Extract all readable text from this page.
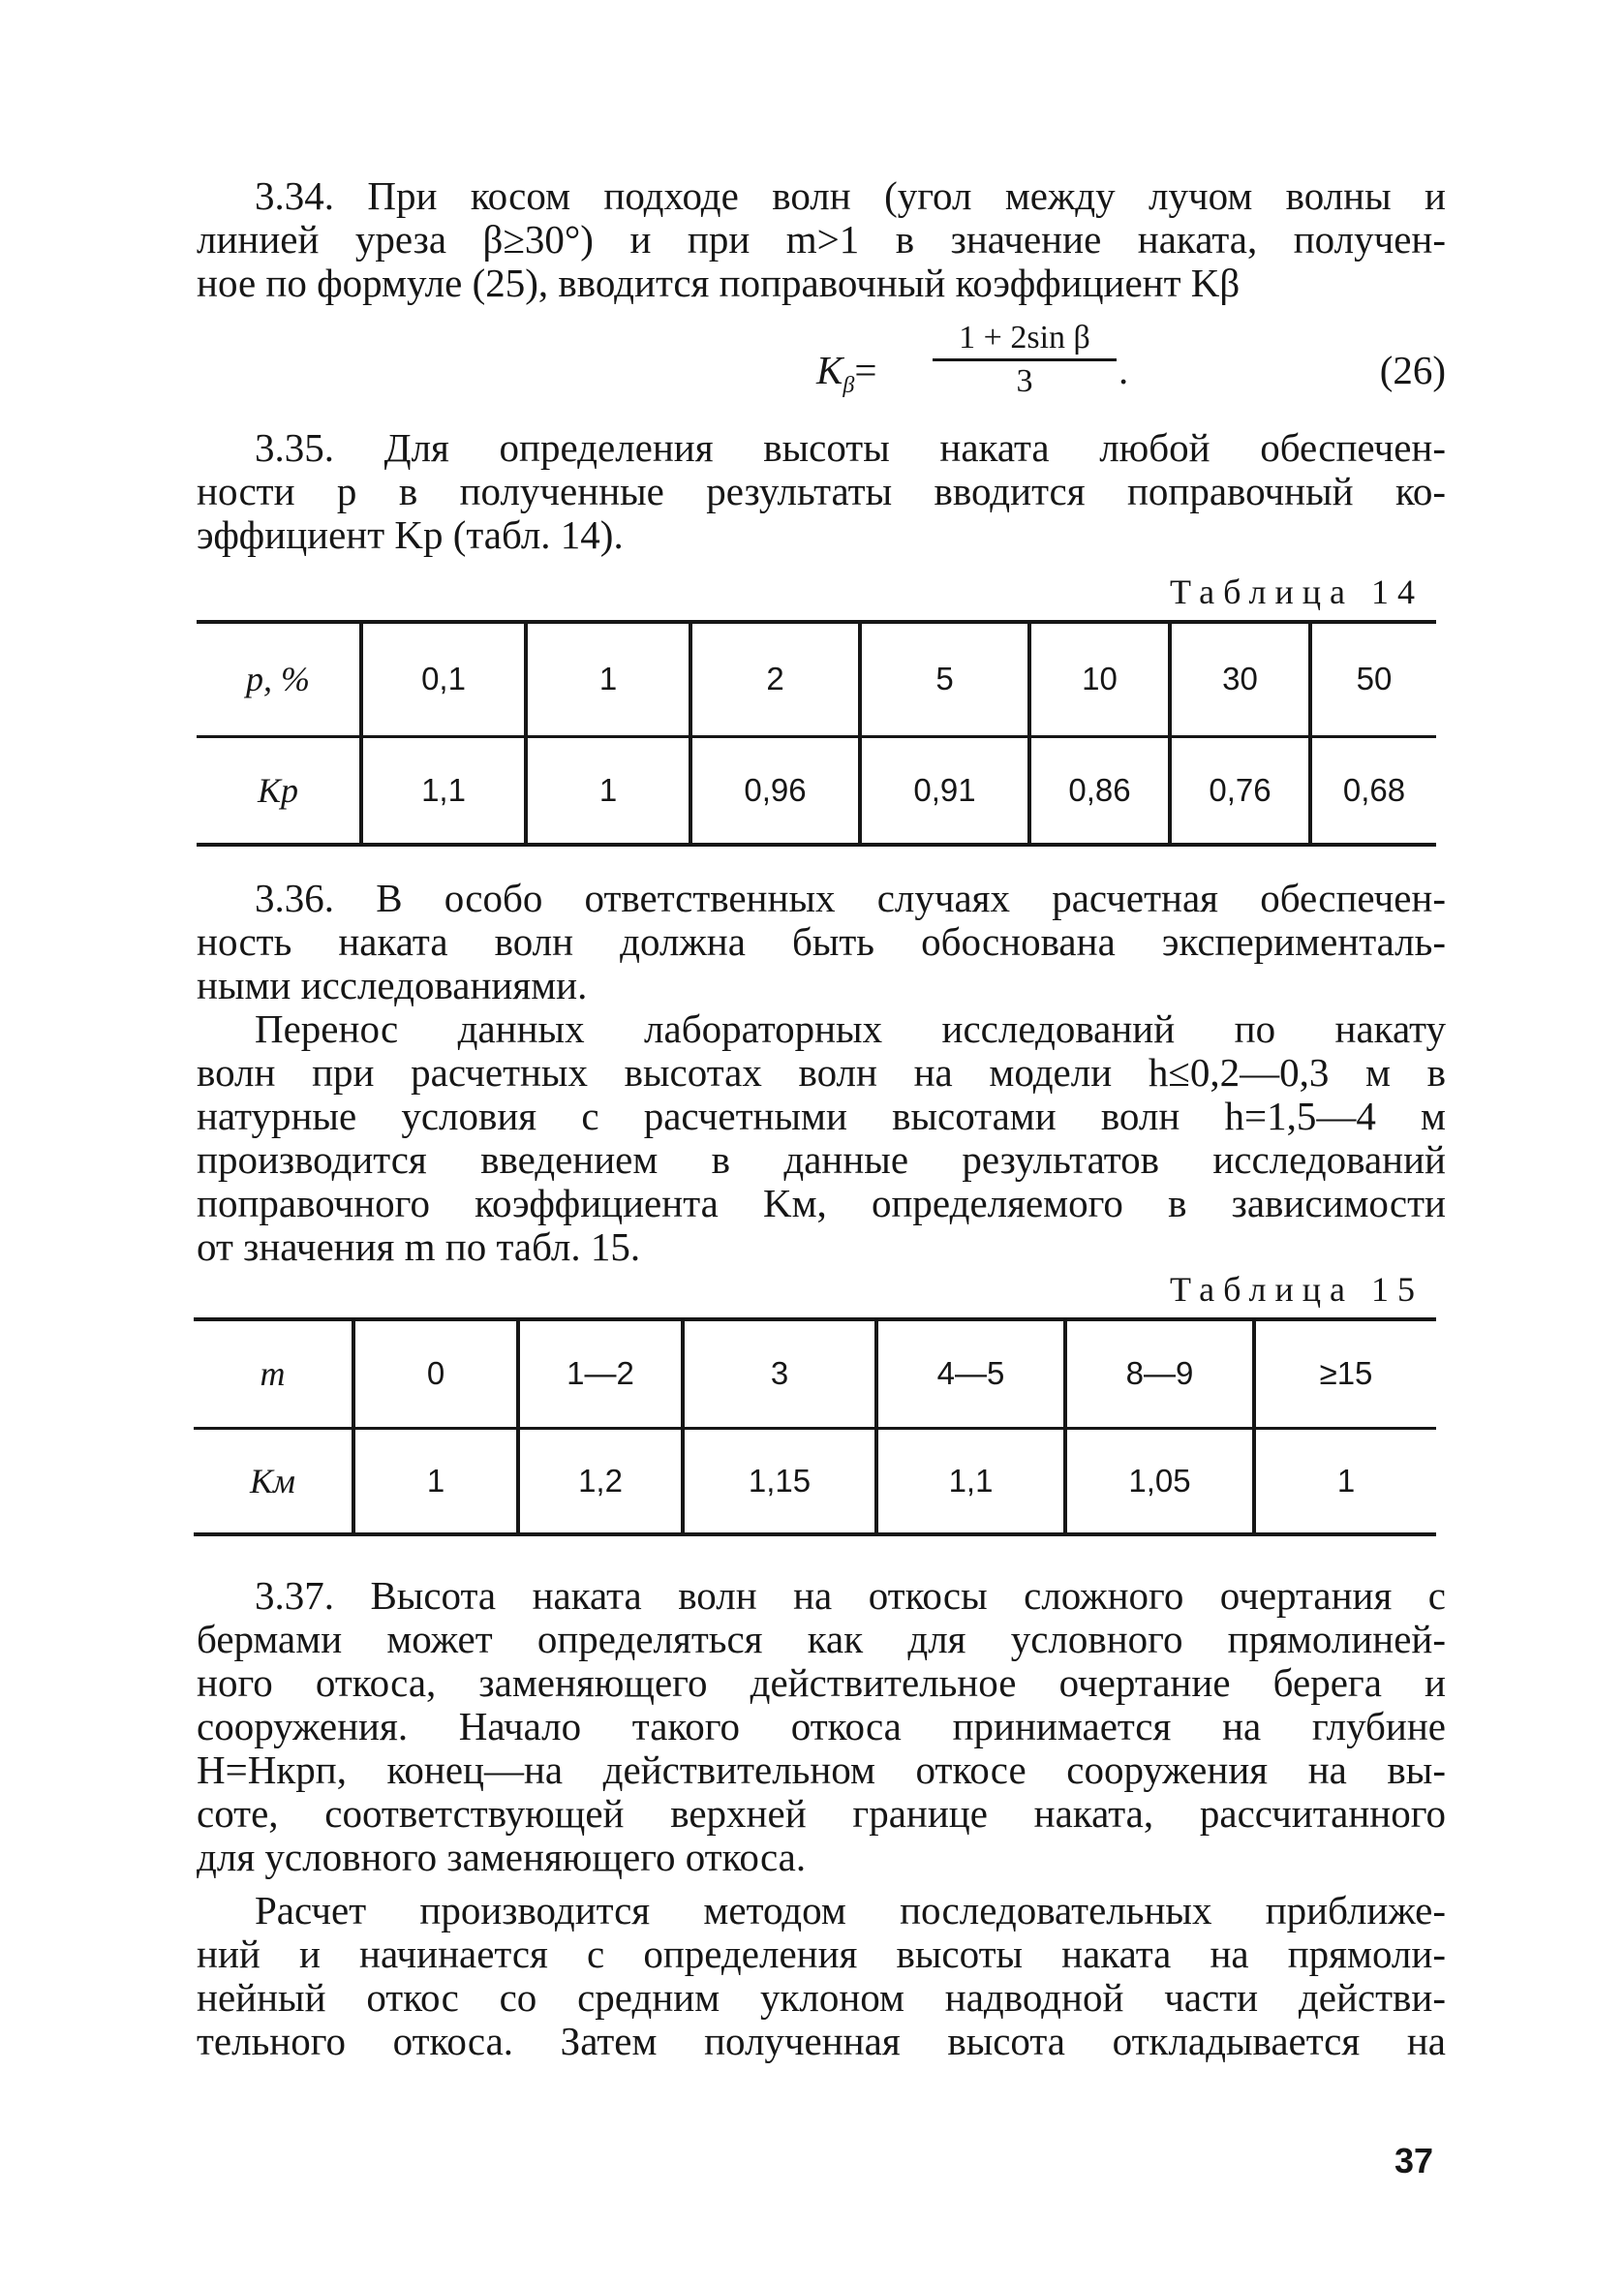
3.34. При косом подходе волн (угол между лучом волны и
линией уреза β≥30°) и при m>1 в значение наката, получен-
ное по формуле (25), вводится поправочный коэффициент Kβ

$K_\beta= \frac{\text{1 + 2sin β}}{3}$ .	(26)

3.35. Для определения высоты наката любой обеспечен-
ности p в полученные результаты вводится поправочный ко-
эффициент Kp (табл. 14).

Таблица 14
p, %	0,1	1	2	5	10	30	50
Kp	1,1	1	0,96	0,91	0,86	0,76	0,68

3.36. В особо ответственных случаях расчетная обеспечен-
ность наката волн должна быть обоснована эксперименталь-
ными исследованиями.

Перенос данных лабораторных исследований по накату
волн при расчетных высотах волн на модели h≤0,2—0,3 м в
натурные условия с расчетными высотами волн h=1,5—4 м
производится введением в данные результатов исследований
поправочного коэффициента Kм, определяемого в зависимости
от значения m по табл. 15.

Таблица 15
m	0	1—2	3	4—5	8—9	≥15
Kм	1	1,2	1,15	1,1	1,05	1

3.37. Высота наката волн на откосы сложного очертания с
бермами может определяться как для условного прямолиней-
ного откоса, заменяющего действительное очертание берега и
сооружения. Начало такого откоса принимается на глубине
H=Hкрп, конец—на действительном откосе сооружения на вы-
соте, соответствующей верхней границе наката, рассчитанного
для условного заменяющего откоса.

Расчет производится методом последовательных приближе-
ний и начинается с определения высоты наката на прямоли-
нейный откос со средним уклоном надводной части действи-
тельного откоса. Затем полученная высота откладывается на

37
